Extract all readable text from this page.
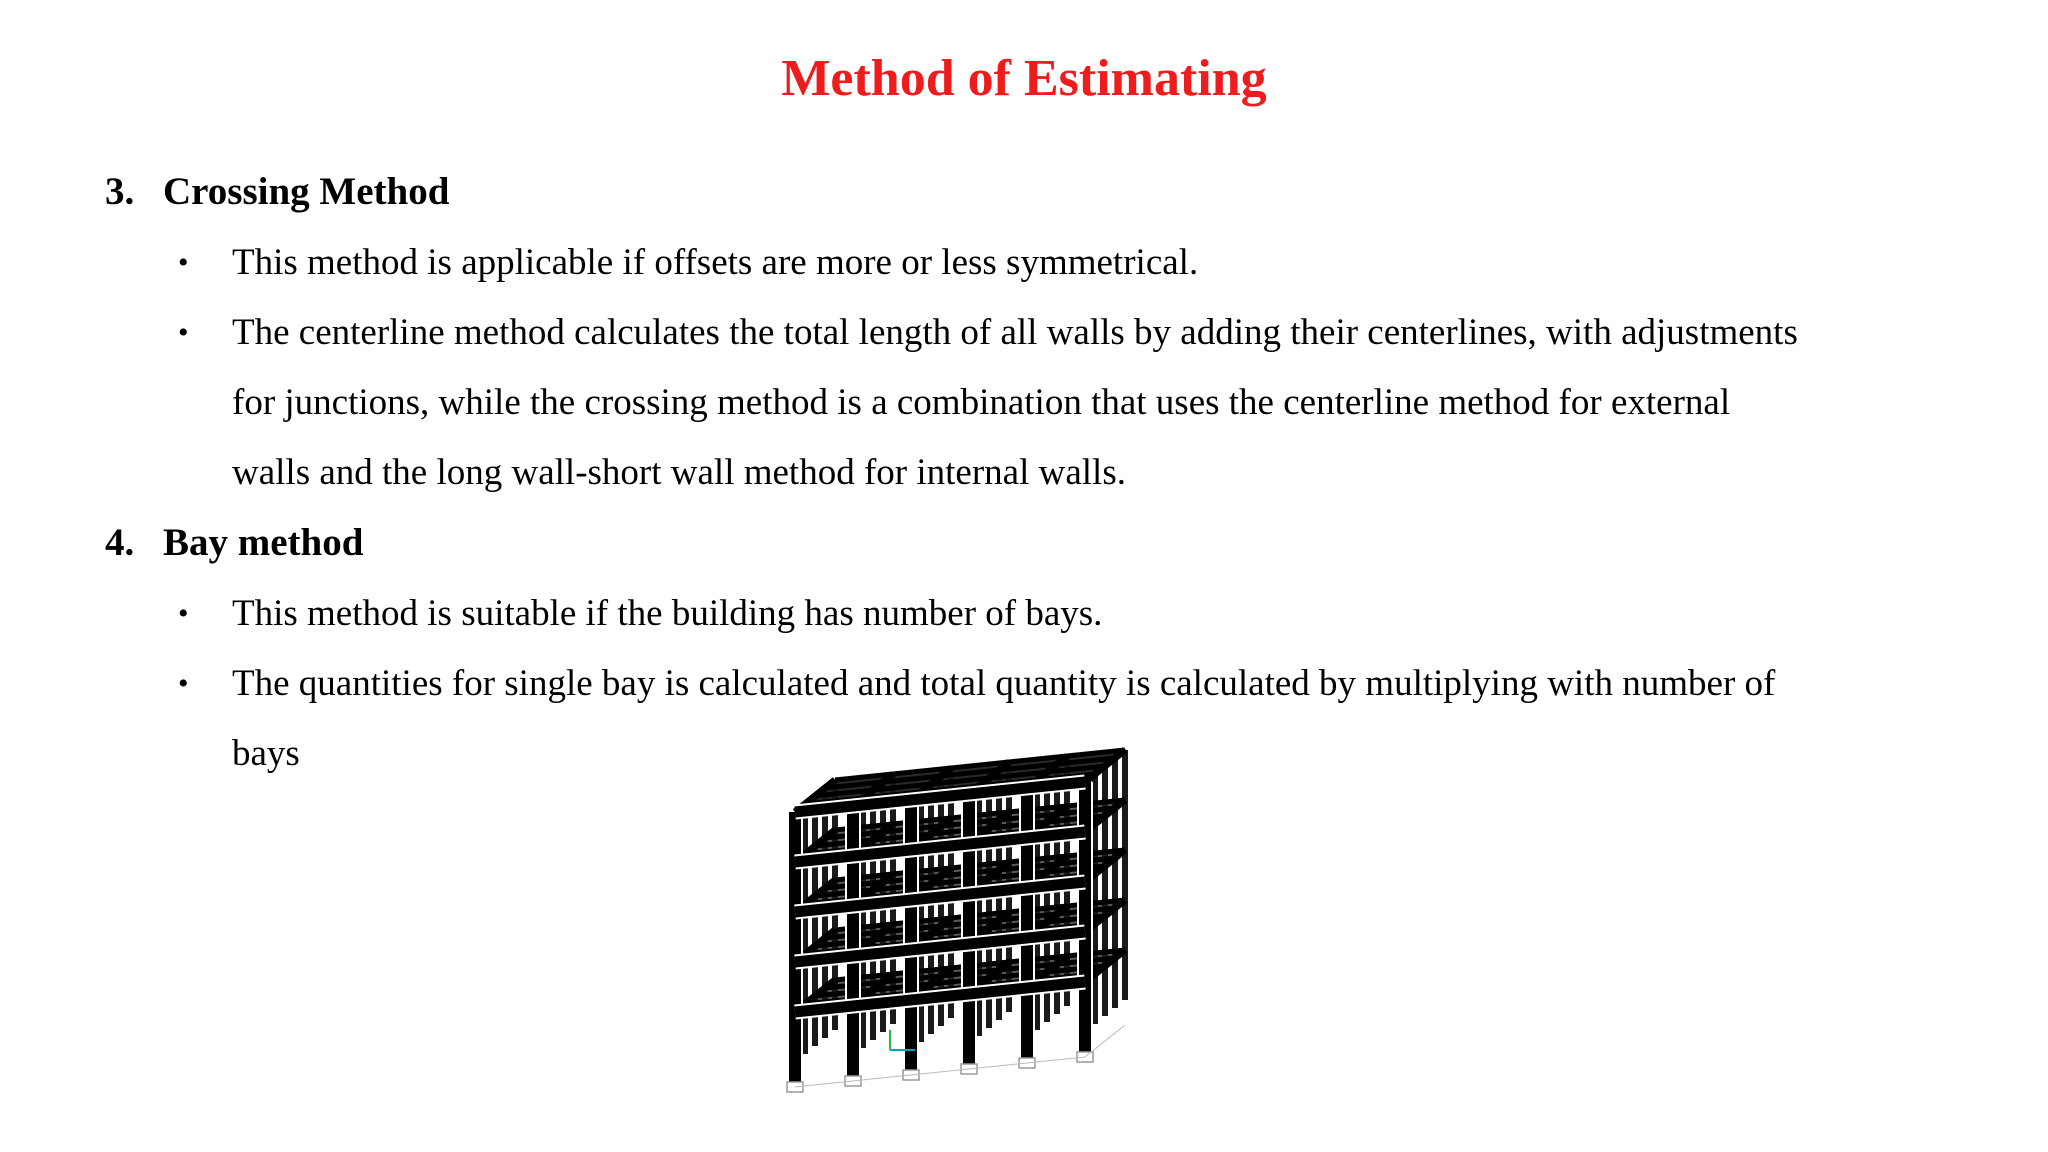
Method of Estimating
3. Crossing Method
• This method is applicable if offsets are more or less symmetrical.
• The centerline method calculates the total length of all walls by adding their centerlines, with adjustments
for junctions, while the crossing method is a combination that uses the centerline method for external
walls and the long wall-short wall method for internal walls.
4. Bay method
• This method is suitable if the building has number of bays.
• The quantities for single bay is calculated and total quantity is calculated by multiplying with number of
bays
